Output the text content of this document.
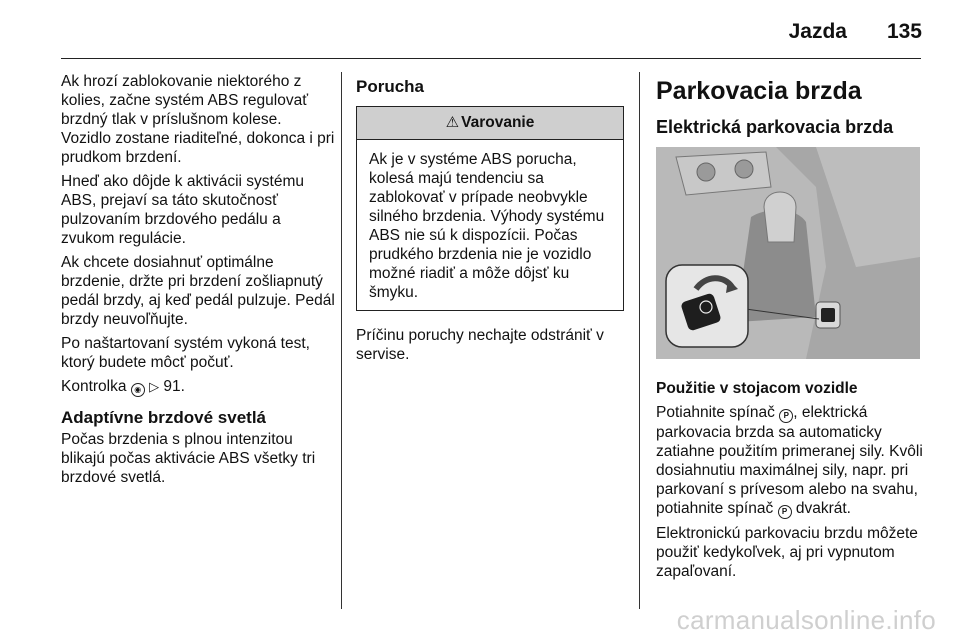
Jazda 135

Ak hrozí zablokovanie niektorého z kolies, začne systém ABS regulovať brzdný tlak v príslušnom kolese. Vozidlo zostane riaditeľné, dokonca i pri prudkom brzdení.

Hneď ako dôjde k aktivácii systému ABS, prejaví sa táto skutočnosť pulzovaním brzdového pedálu a zvukom regulácie.

Ak chcete dosiahnuť optimálne brzdenie, držte pri brzdení zošliapnutý pedál brzdy, aj keď pedál pulzuje. Pedál brzdy neuvoľňujte.

Po naštartovaní systém vykoná test, ktorý budete môcť počuť.

Kontrolka ◉ ▷ 91.

Adaptívne brzdové svetlá

Počas brzdenia s plnou intenzitou blikajú počas aktivácie ABS všetky tri brzdové svetlá.

Porucha
⚠ Varovanie

Ak je v systéme ABS porucha, kolesá majú tendenciu sa zablokovať v prípade neobvykle silného brzdenia. Výhody systému ABS nie sú k dispozícii. Počas prudkého brzdenia nie je vozidlo možné riadiť a môže dôjsť ku šmyku.

Príčinu poruchy nechajte odstrániť v servise.

Parkovacia brzda
Elektrická parkovacia brzda

Použitie v stojacom vozidle

Potiahnite spínač P , elektrická parkovacia brzda sa automaticky zatiahne použitím primeranej sily. Kvôli dosiahnutiu maximálnej sily, napr. pri parkovaní s prívesom alebo na svahu, potiahnite spínač P dvakrát.

Elektronickú parkovaciu brzdu môžete použiť kedykoľvek, aj pri vypnutom zapaľovaní.

carmanualsonline.info
